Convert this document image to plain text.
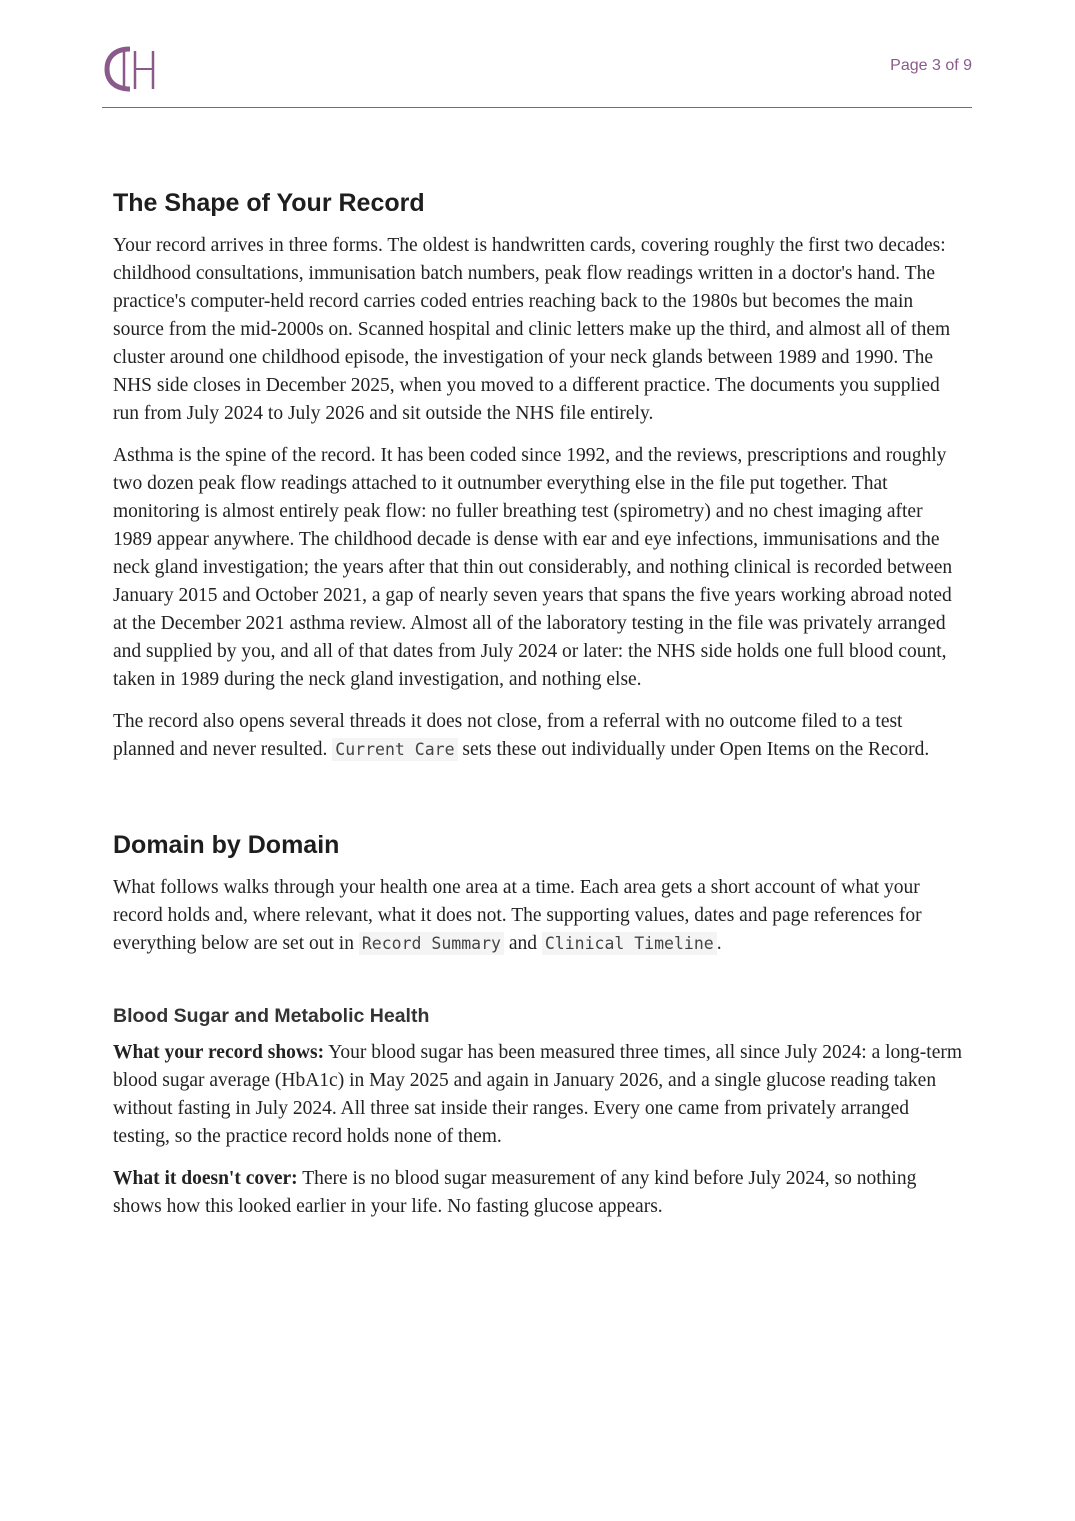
Page 3 of 9
The Shape of Your Record

Your record arrives in three forms. The oldest is handwritten cards, covering roughly the first two decades: childhood consultations, immunisation batch numbers, peak flow readings written in a doctor's hand. The practice's computer-held record carries coded entries reaching back to the 1980s but becomes the main source from the mid-2000s on. Scanned hospital and clinic letters make up the third, and almost all of them cluster around one childhood episode, the investigation of your neck glands between 1989 and 1990. The NHS side closes in December 2025, when you moved to a different practice. The documents you supplied run from July 2024 to July 2026 and sit outside the NHS file entirely.

Asthma is the spine of the record. It has been coded since 1992, and the reviews, prescriptions and roughly two dozen peak flow readings attached to it outnumber everything else in the file put together. That monitoring is almost entirely peak flow: no fuller breathing test (spirometry) and no chest imaging after 1989 appear anywhere. The childhood decade is dense with ear and eye infections, immunisations and the neck gland investigation; the years after that thin out considerably, and nothing clinical is recorded between January 2015 and October 2021, a gap of nearly seven years that spans the five years working abroad noted at the December 2021 asthma review. Almost all of the laboratory testing in the file was privately arranged and supplied by you, and all of that dates from July 2024 or later: the NHS side holds one full blood count, taken in 1989 during the neck gland investigation, and nothing else.

The record also opens several threads it does not close, from a referral with no outcome filed to a test planned and never resulted. Current Care sets these out individually under Open Items on the Record.

Domain by Domain

What follows walks through your health one area at a time. Each area gets a short account of what your record holds and, where relevant, what it does not. The supporting values, dates and page references for everything below are set out in Record Summary and Clinical Timeline .

Blood Sugar and Metabolic Health

What your record shows: Your blood sugar has been measured three times, all since July 2024: a long-term blood sugar average (HbA1c) in May 2025 and again in January 2026, and a single glucose reading taken without fasting in July 2024. All three sat inside their ranges. Every one came from privately arranged testing, so the practice record holds none of them.

What it doesn't cover: There is no blood sugar measurement of any kind before July 2024, so nothing shows how this looked earlier in your life. No fasting glucose appears.
